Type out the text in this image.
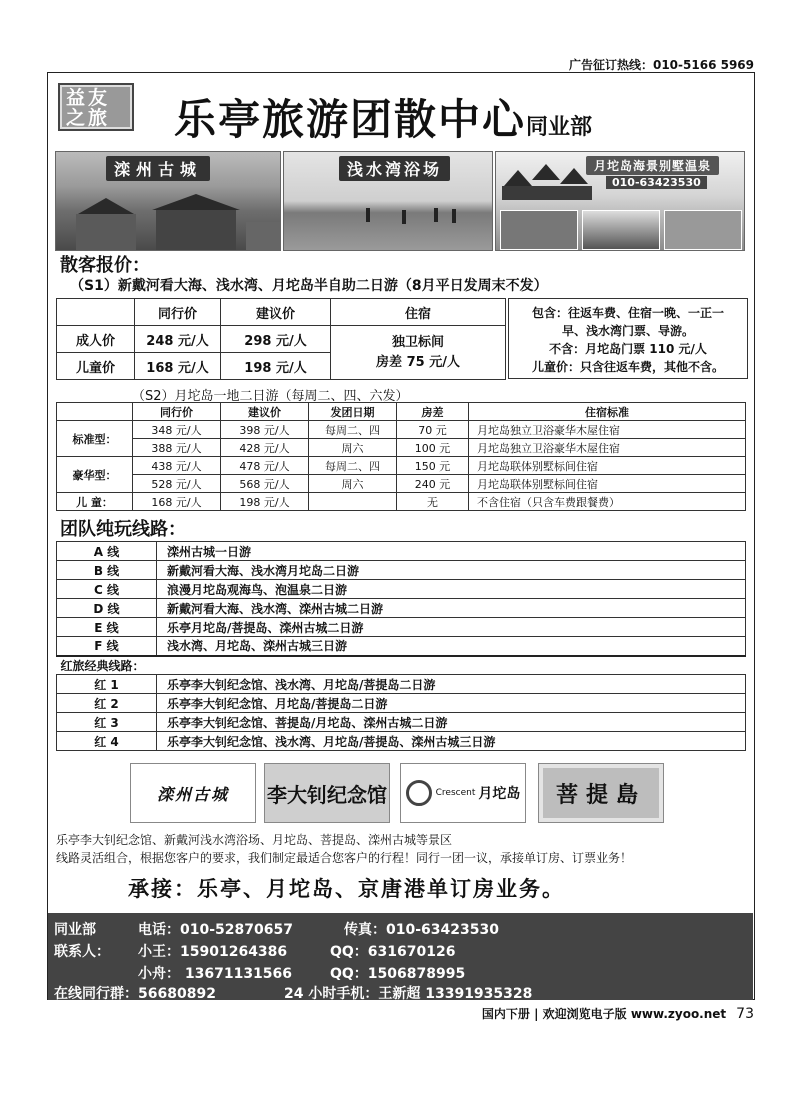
广告征订热线：010-5166 5969
益友之旅	乐亭旅游团散中心同业部
滦州古城	浅水湾浴场	月坨岛海景别墅温泉
010-63423530
散客报价：
（S1）新戴河看大海、浅水湾、月坨岛半自助二日游（8月平日发周末不发）
	同行价	建议价	住宿
成人价	248 元/人	298 元/人	独卫标间
房差 75 元/人

儿童价	168 元/人	198 元/人	
包含：往返车费、住宿一晚、一正一
早、浅水湾门票、导游。
不含：月坨岛门票 110 元/人
儿童价：只含往返车费，其他不含。
（S2）月坨岛一地二日游（每周二、四、六发）
	同行价	建议价	发团日期	房差	住宿标准
标准型：	348 元/人	398 元/人	每周二、四	70 元	月坨岛独立卫浴豪华木屋住宿
	388 元/人	428 元/人	周六	100 元	月坨岛独立卫浴豪华木屋住宿
豪华型：	438 元/人	478 元/人	每周二、四	150 元	月坨岛联体别墅标间住宿
	528 元/人	568 元/人	周六	240 元	月坨岛联体别墅标间住宿
儿 童：	168 元/人	198 元/人		无	不含住宿（只含车费跟餐费）
团队纯玩线路：
A 线	滦州古城一日游
B 线	新戴河看大海、浅水湾月坨岛二日游
C 线	浪漫月坨岛观海鸟、泡温泉二日游
D 线	新戴河看大海、浅水湾、滦州古城二日游
E 线	乐亭月坨岛/菩提岛、滦州古城二日游
F 线	浅水湾、月坨岛、滦州古城三日游
红旅经典线路：	
红 1	乐亭李大钊纪念馆、浅水湾、月坨岛/菩提岛二日游
红 2	乐亭李大钊纪念馆、月坨岛/菩提岛二日游
红 3	乐亭李大钊纪念馆、菩提岛/月坨岛、滦州古城二日游
红 4	乐亭李大钊纪念馆、浅水湾、月坨岛/菩提岛、滦州古城三日游
滦州古城	李大钊纪念馆	Crescent 月坨岛	菩提島
乐亭李大钊纪念馆、新戴河浅水湾浴场、月坨岛、菩提岛、滦州古城等景区
线路灵活组合，根据您客户的要求，我们制定最适合您客户的行程！同行一团一议，承接单订房、订票业务！
承接：乐亭、月坨岛、京唐港单订房业务。
同业部	电话：010-52870657	传真：010-63423530
联系人： 小王：15901264386	QQ：631670126
小舟： 13671131566	QQ：1506878995
在线同行群：56680892	24 小时手机：王新超 13391935328
国内下册 | 欢迎浏览电子版 www.zyoo.net 73
